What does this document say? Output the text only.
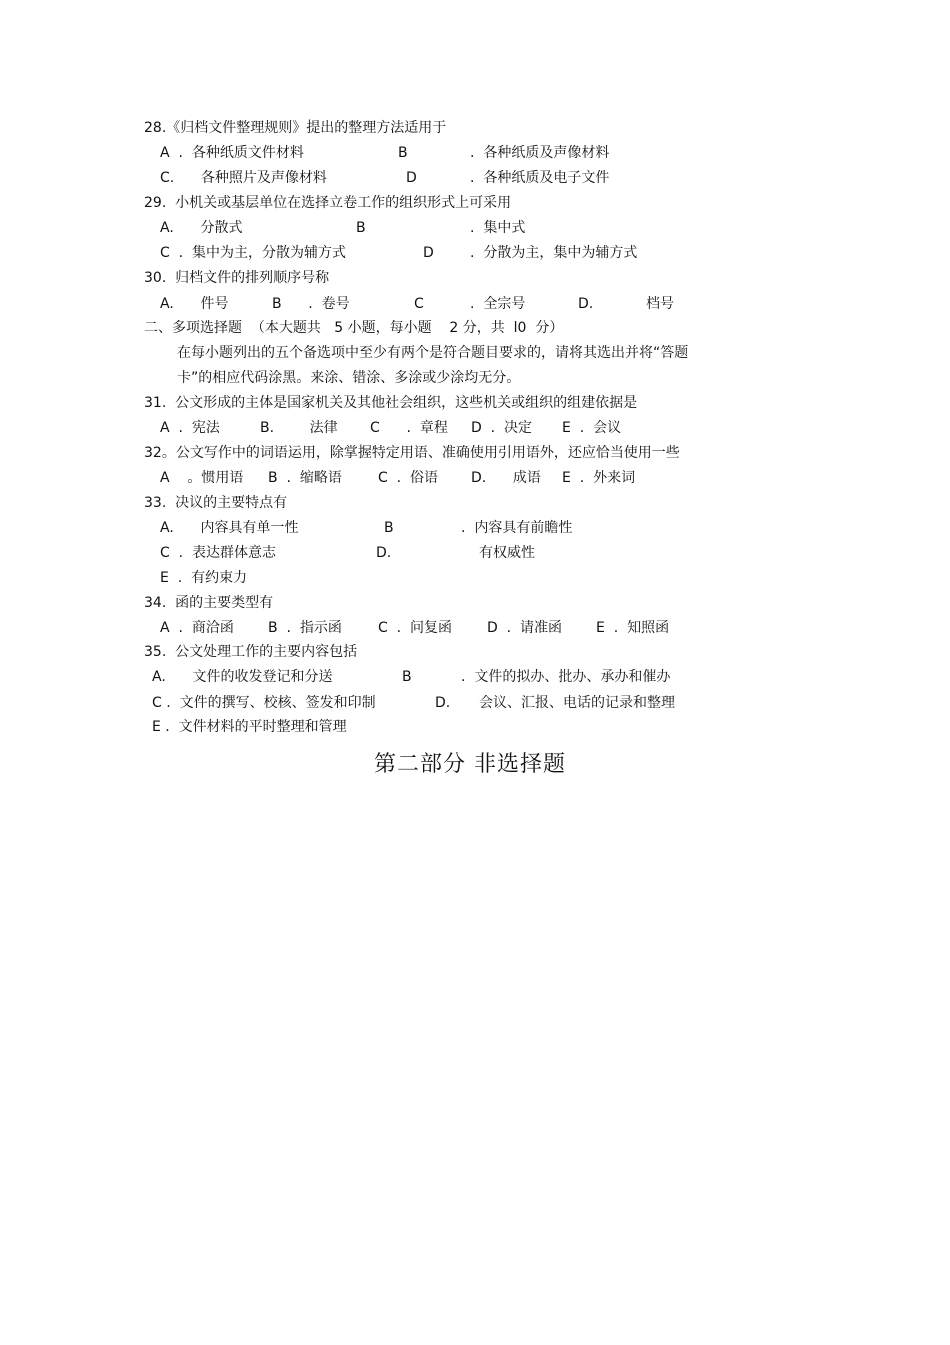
28.《归档文件整理规则》提出的整理方法适用于
A  .  各种纸质文件材料	B	.  各种纸质及声像材料
C.      各种照片及声像材料	D	.  各种纸质及电子文件
29.  小机关或基层单位在选择立卷工作的组织形式上可采用
A.      分散式	B	.  集中式
C  .  集中为主，分散为辅方式	D	.  分散为主，集中为辅方式
30.  归档文件的排列顺序号称
A.      件号	B      .  卷号	C	.  全宗号	D.	档号
二、多项选择题  （本大题共   5 小题，每小题    2 分，共  l0  分）
在每小题列出的五个备选项中至少有两个是符合题目要求的，请将其选出并将“答题
卡”的相应代码涂黑。来涂、错涂、多涂或少涂均无分。
31.  公文形成的主体是国家机关及其他社会组织，这些机关或组织的组建依据是
A  .  宪法	B.        法律 C      .  章程 D  .  决定 E  .  会议
32。公文写作中的词语运用，除掌握特定用语、准确使用引用语外，还应恰当使用一些
A    。惯用语 B  .  缩略语	C  .  俗语 D.      成语 E  .  外来词
33.  决议的主要特点有
A.      内容具有单一性	B	.  内容具有前瞻性
C  .  表达群体意志	D.	有权威性
E  .  有约束力
34.  函的主要类型有
A  .  商洽函 B  .  指示函	C  .  问复函 D  .  请准函 E  .  知照函
35.  公文处理工作的主要内容包括
A.      文件的收发登记和分送	B	.  文件的拟办、批办、承办和催办
C .  文件的撰写、校核、签发和印制	D. 会议、汇报、电话的记录和整理
E .  文件材料的平时整理和管理
第二部分 非选择题
